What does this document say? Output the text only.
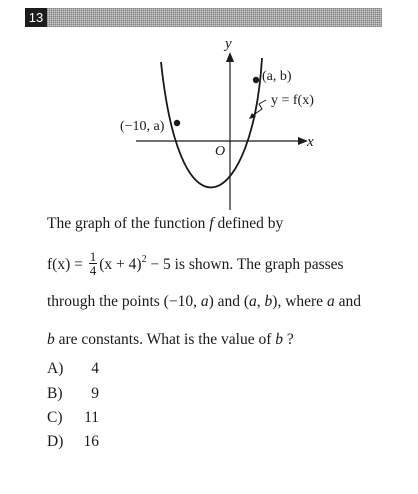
13
y
x
O
(−10, a)
(a, b)
y = f(x)
The graph of the function f defined by
$f(x) = \frac{1}{4} (x + 4)^2 - 5$ is shown. The graph passes
through the points (−10, a) and (a, b), where a and
b are constants. What is the value of b ?
A) 4
B) 9
C) 11
D) 16
